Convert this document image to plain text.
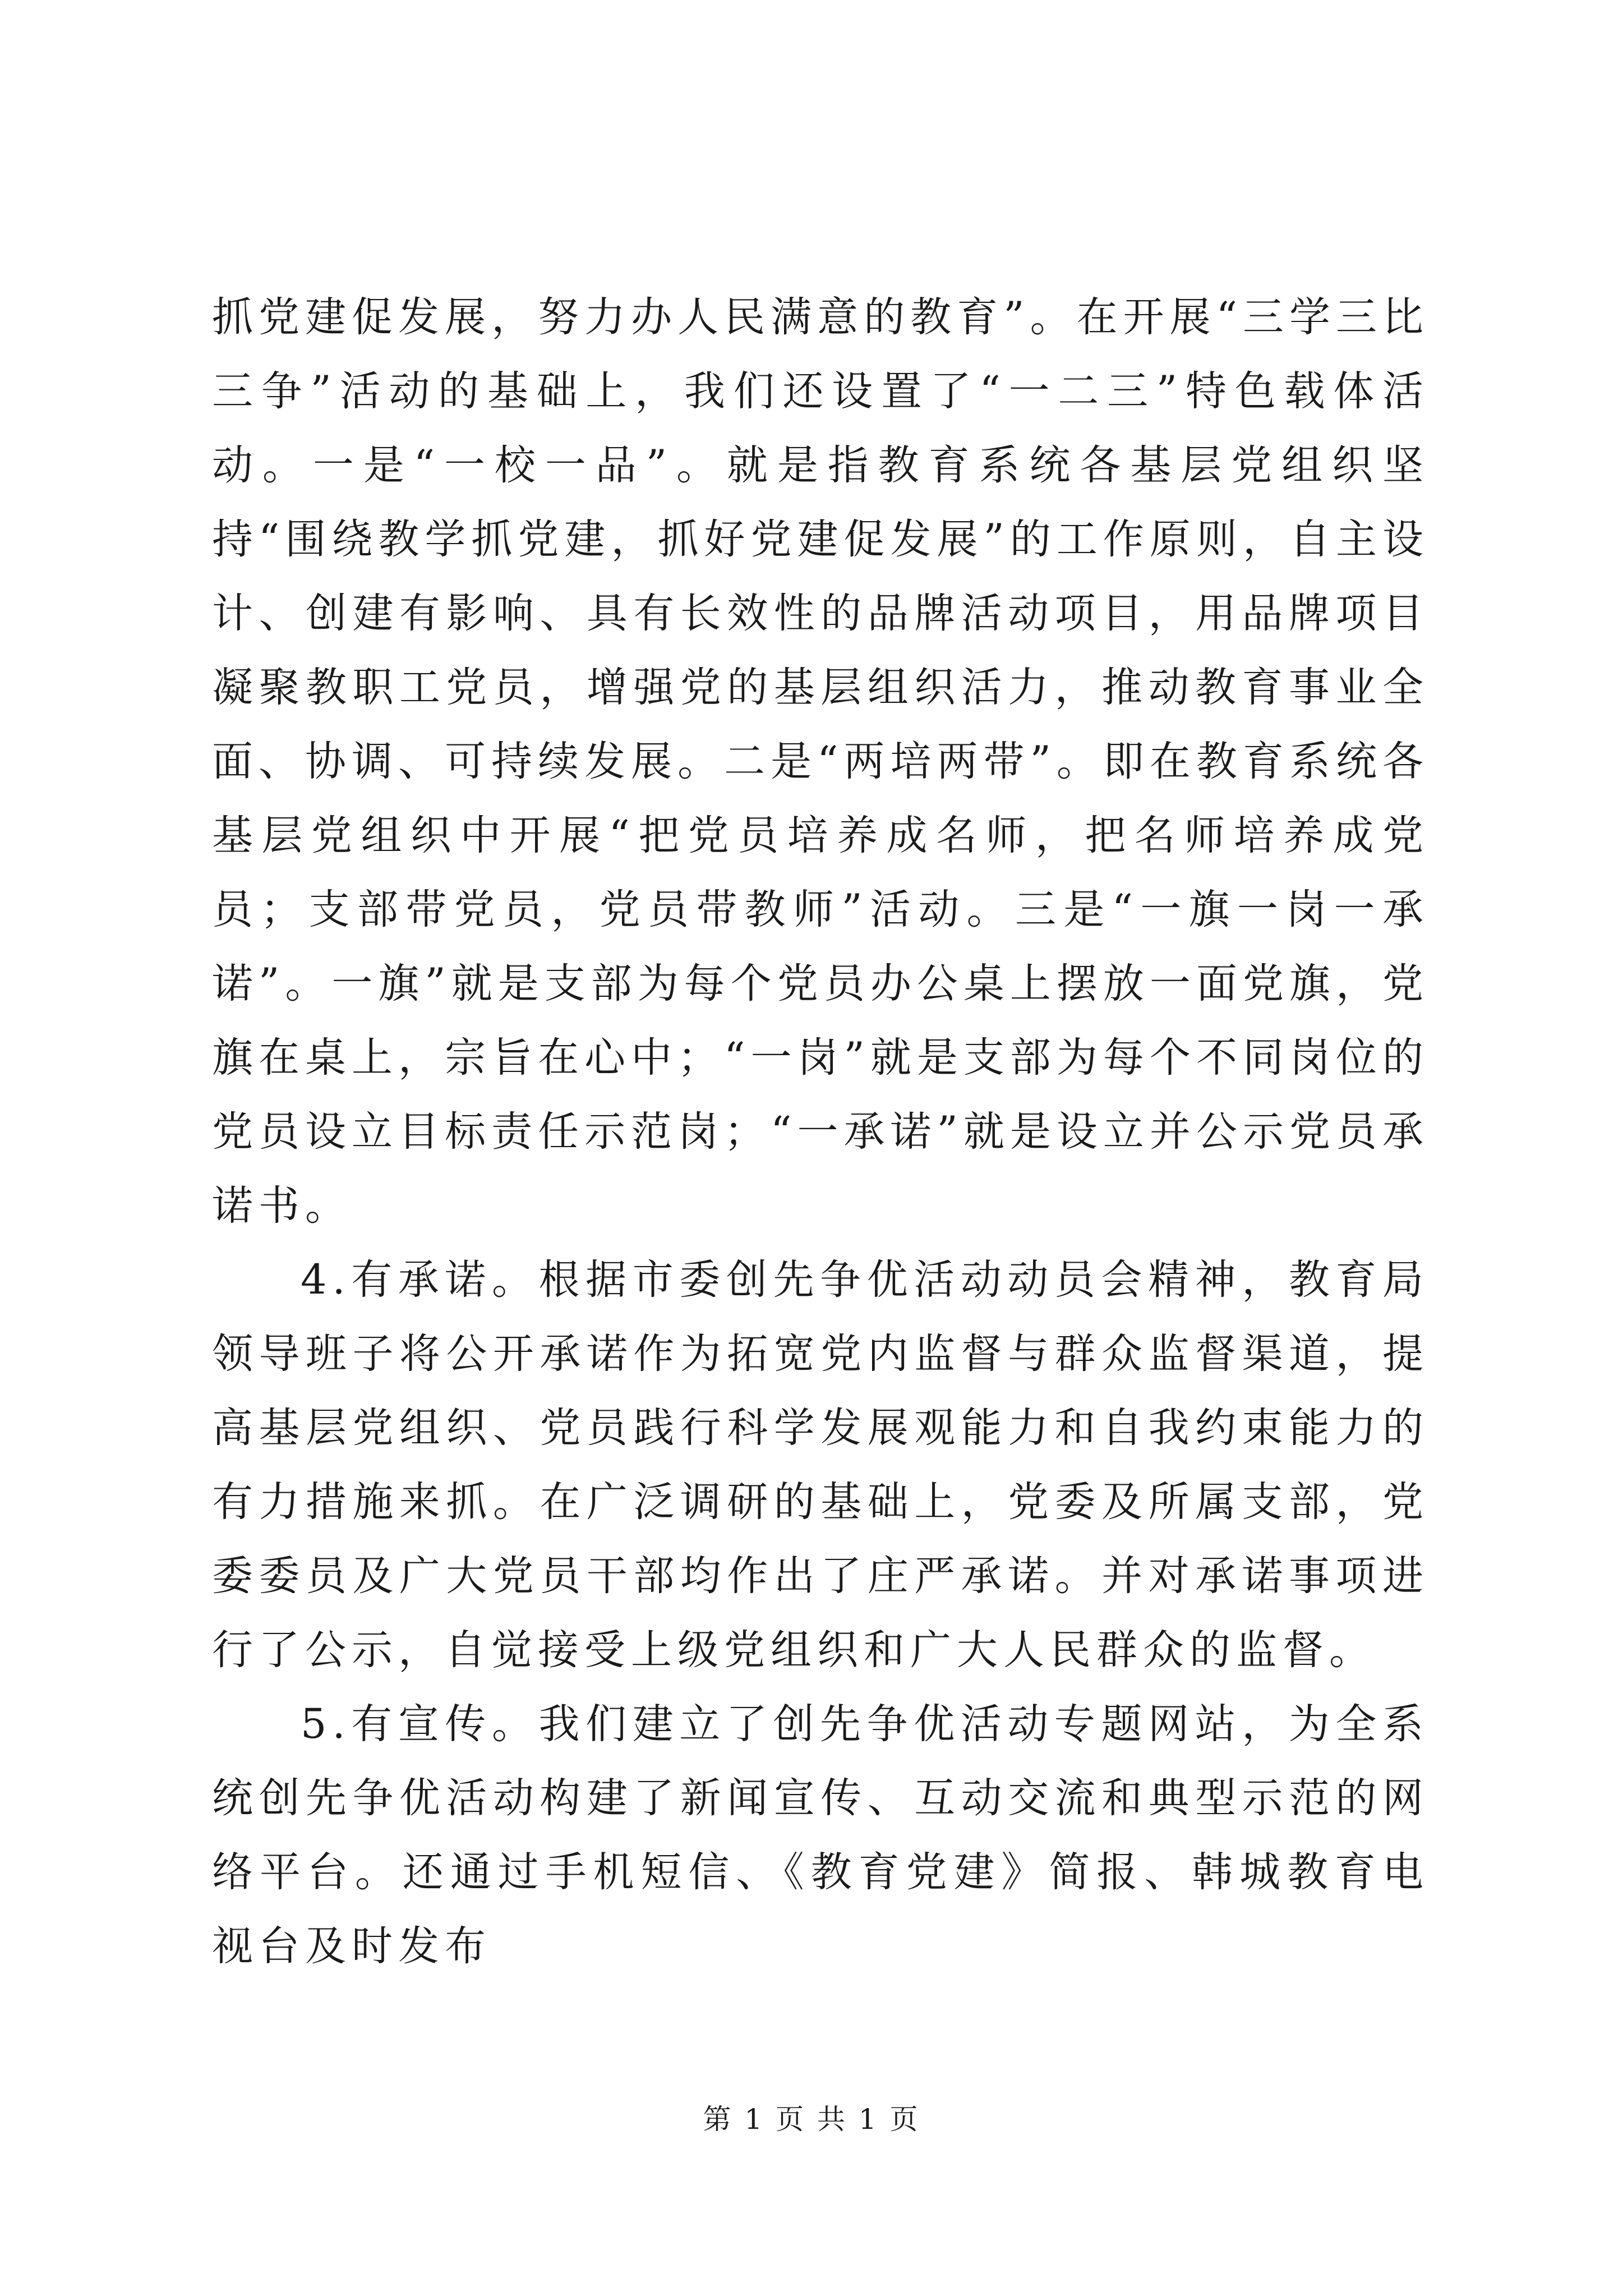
抓党建促发展，努力办人民满意的教育”。在开展“三学三比三争”活动的基础上，我们还设置了“一二三”特色载体活动。一是“一校一品”。就是指教育系统各基层党组织坚持“围绕教学抓党建，抓好党建促发展”的工作原则，自主设计、创建有影响、具有长效性的品牌活动项目，用品牌项目凝聚教职工党员，增强党的基层组织活力，推动教育事业全面、协调、可持续发展。二是“两培两带”。即在教育系统各基层党组织中开展“把党员培养成名师，把名师培养成党员；支部带党员，党员带教师”活动。三是“一旗一岗一承诺”。一旗”就是支部为每个党员办公桌上摆放一面党旗，党旗在桌上，宗旨在心中；“一岗”就是支部为每个不同岗位的党员设立目标责任示范岗；“一承诺”就是设立并公示党员承诺书。

4.有承诺。根据市委创先争优活动动员会精神，教育局领导班子将公开承诺作为拓宽党内监督与群众监督渠道，提高基层党组织、党员践行科学发展观能力和自我约束能力的有力措施来抓。在广泛调研的基础上，党委及所属支部，党委委员及广大党员干部均作出了庄严承诺。并对承诺事项进行了公示，自觉接受上级党组织和广大人民群众的监督。

5.有宣传。我们建立了创先争优活动专题网站，为全系统创先争优活动构建了新闻宣传、互动交流和典型示范的网络平台。还通过手机短信、《教育党建》简报、韩城教育电视台及时发布

第 1 页 共 1 页
